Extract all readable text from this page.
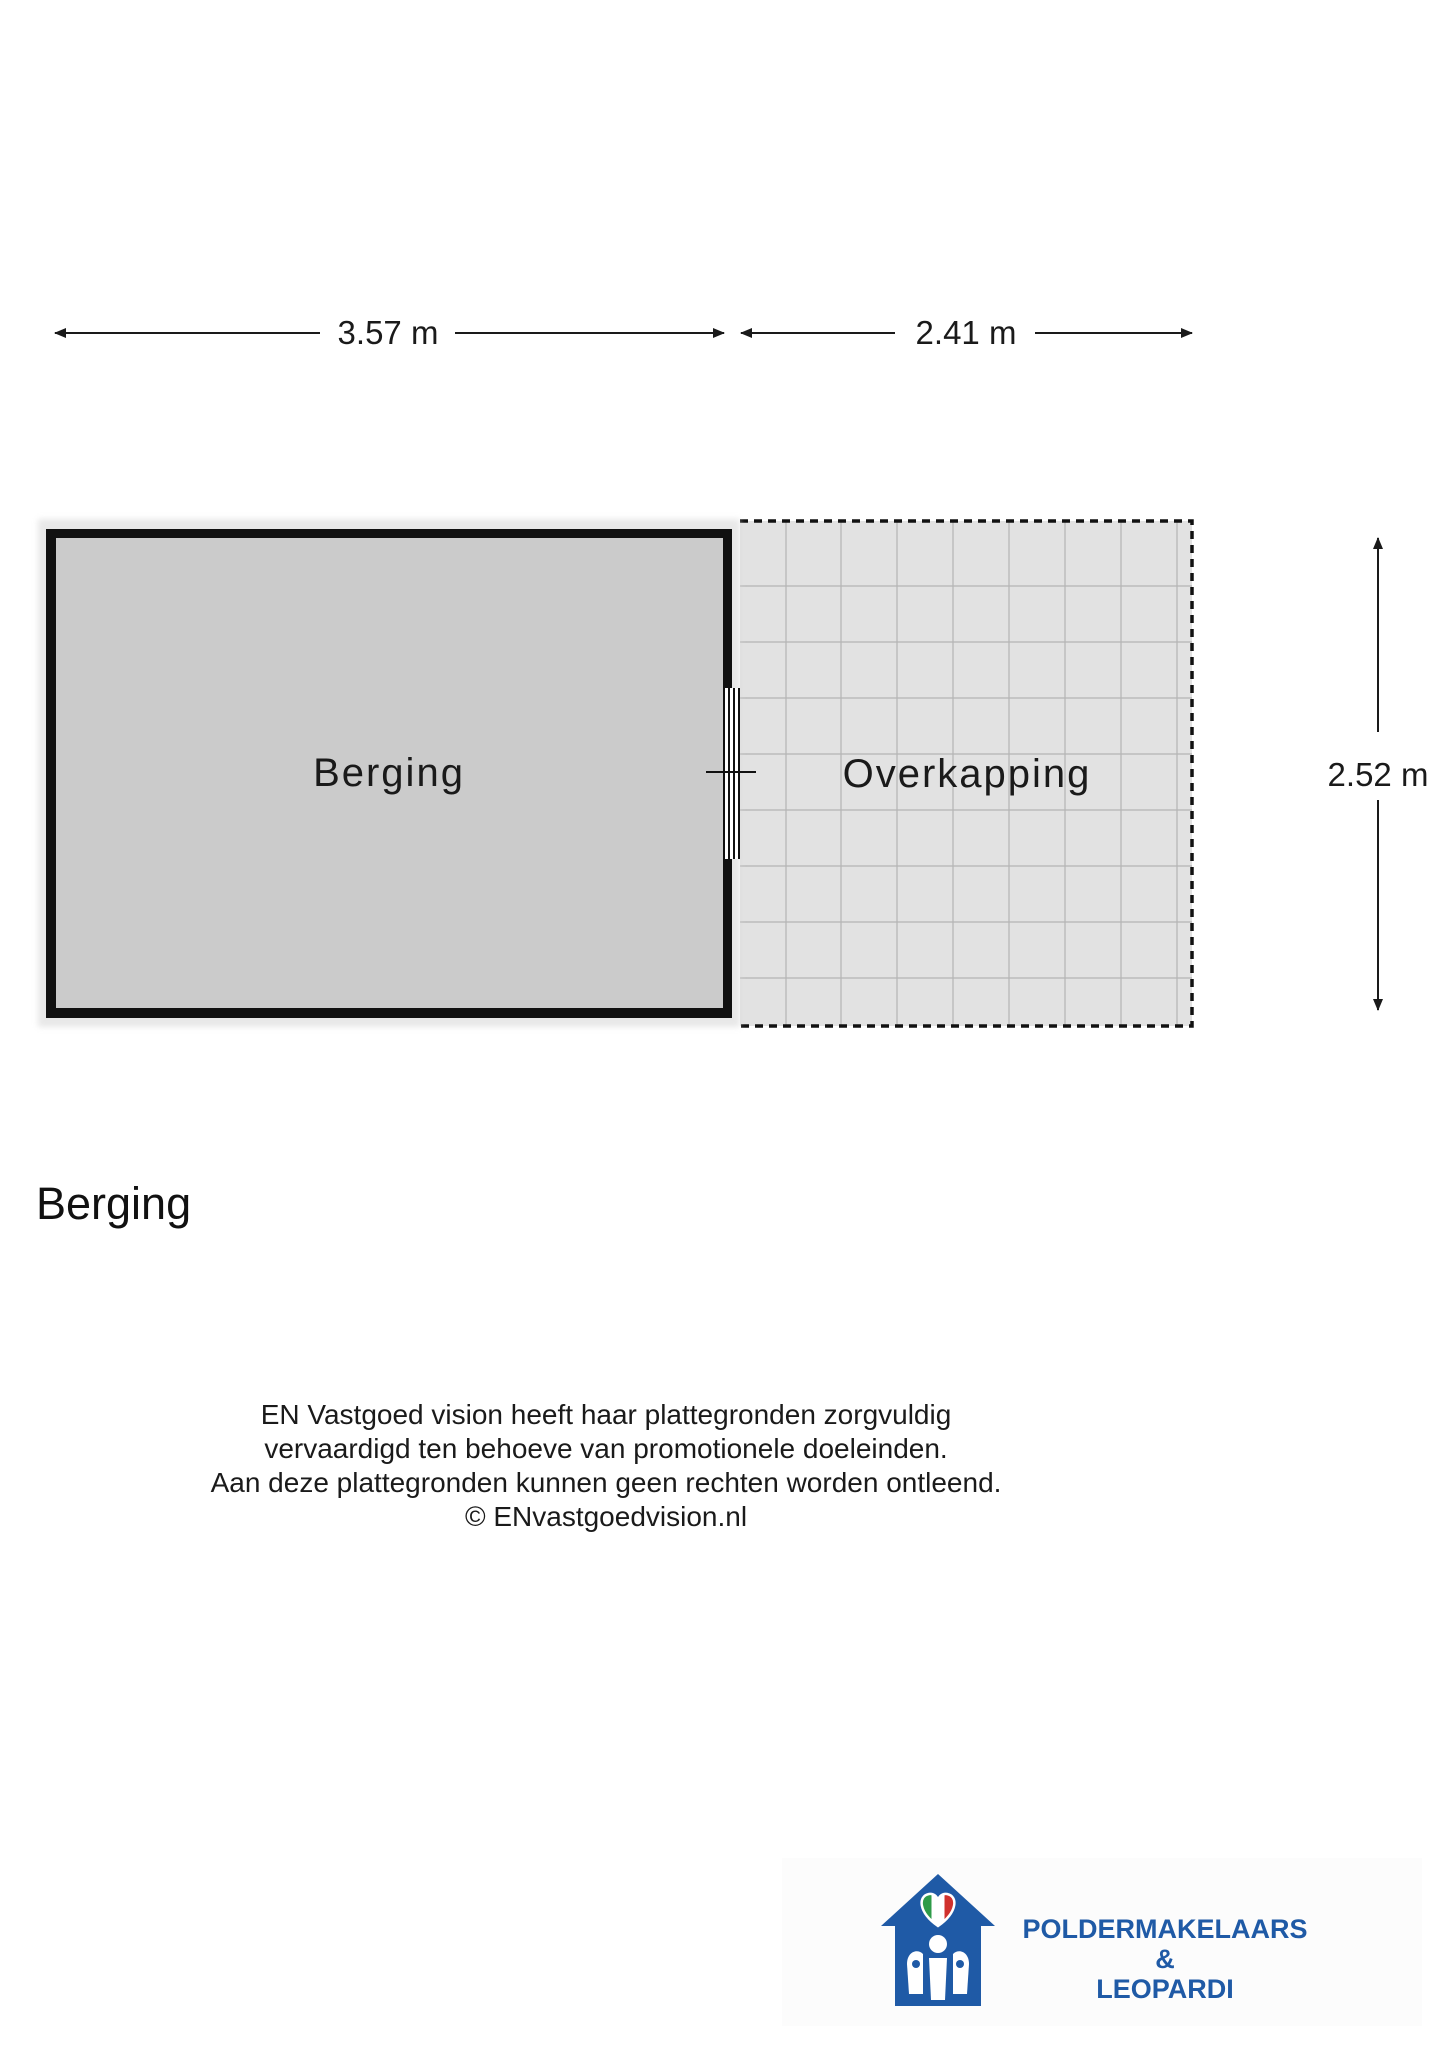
3.57 m	2.41 m
2.52 m
Overkapping
Berging
Berging
EN Vastgoed vision heeft haar plattegronden zorgvuldig
vervaardigd ten behoeve van promotionele doeleinden.
Aan deze plattegronden kunnen geen rechten worden ontleend.
© ENvastgoedvision.nl
POLDERMAKELAARS
&
LEOPARDI
